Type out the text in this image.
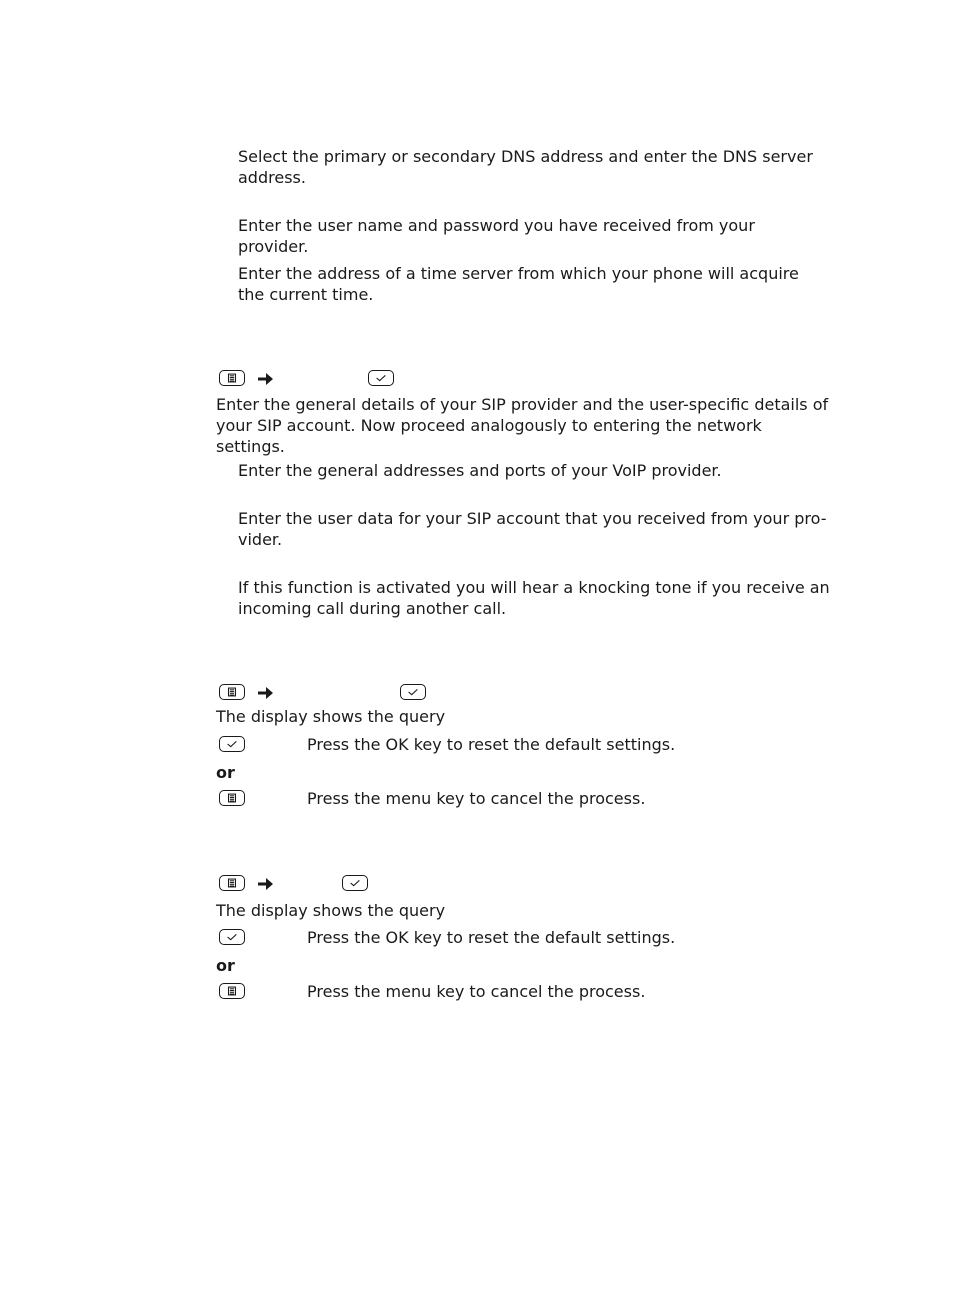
Select the primary or secondary DNS address and enter the DNS server address.
Enter the user name and password you have received from your provider.
Enter the address of a time server from which your phone will acquire the current time.
Enter the general details of your SIP provider and the user-specific details of your SIP account. Now proceed analogously to entering the network settings.
Enter the general addresses and ports of your VoIP provider.
Enter the user data for your SIP account that you received from your pro-vider.
If this function is activated you will hear a knocking tone if you receive an incoming call during another call.
The display shows the query
Press the OK key to reset the default settings.
or
Press the menu key to cancel the process.
The display shows the query
Press the OK key to reset the default settings.
or
Press the menu key to cancel the process.
